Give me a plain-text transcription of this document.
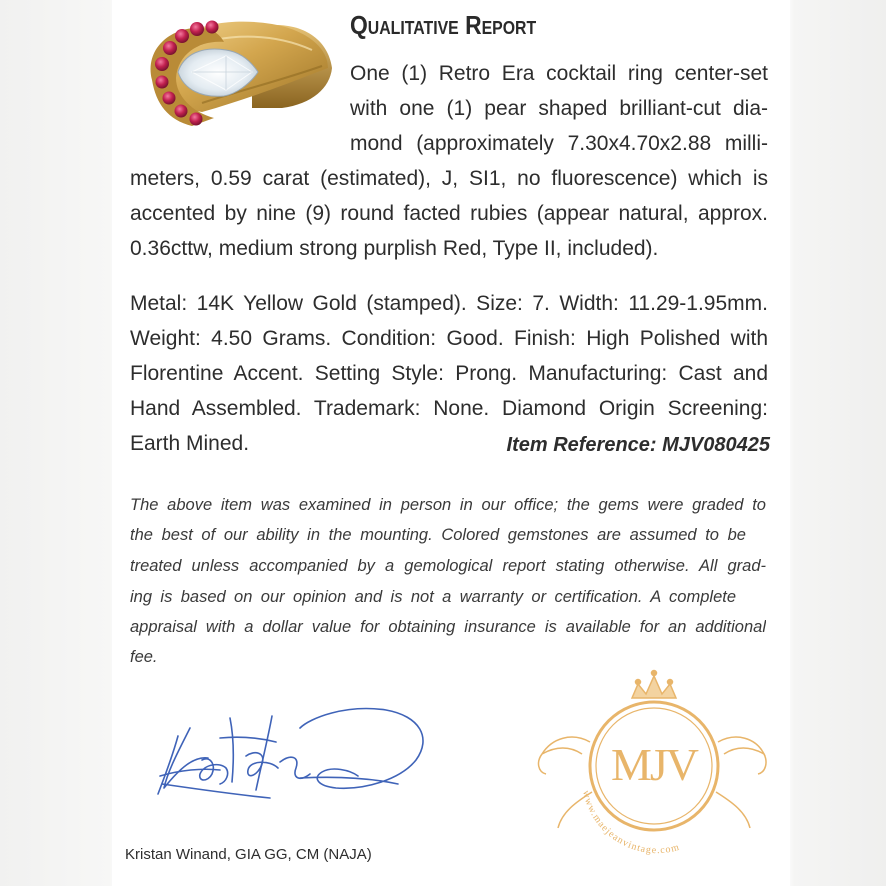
Qualitative Report
One (1) Retro Era cocktail ring center-set
with one (1) pear shaped brilliant-cut dia-
mond (approximately 7.30x4.70x2.88 milli-
meters, 0.59 carat (estimated), J, SI1, no fluorescence) which is
accented by nine (9) round facted rubies (appear natural, approx.
0.36cttw, medium strong purplish Red, Type II, included).
Metal: 14K Yellow Gold (stamped). Size: 7. Width: 11.29-1.95mm.
Weight: 4.50 Grams. Condition: Good. Finish: High Polished with
Florentine Accent. Setting Style: Prong. Manufacturing: Cast and
Hand Assembled. Trademark: None. Diamond Origin Screening:
Earth Mined.	Item Reference: MJV080425
The above item was examined in person in our office; the gems were graded to
the best of our ability in the mounting. Colored gemstones are assumed to be
treated unless accompanied by a gemological report stating otherwise. All grad-
ing is based on our opinion and is not a warranty or certification. A complete
appraisal with a dollar value for obtaining insurance is available for an additional
fee.
MJV
www.maejeanvintage.com
Kristan Winand, GIA GG, CM (NAJA)
